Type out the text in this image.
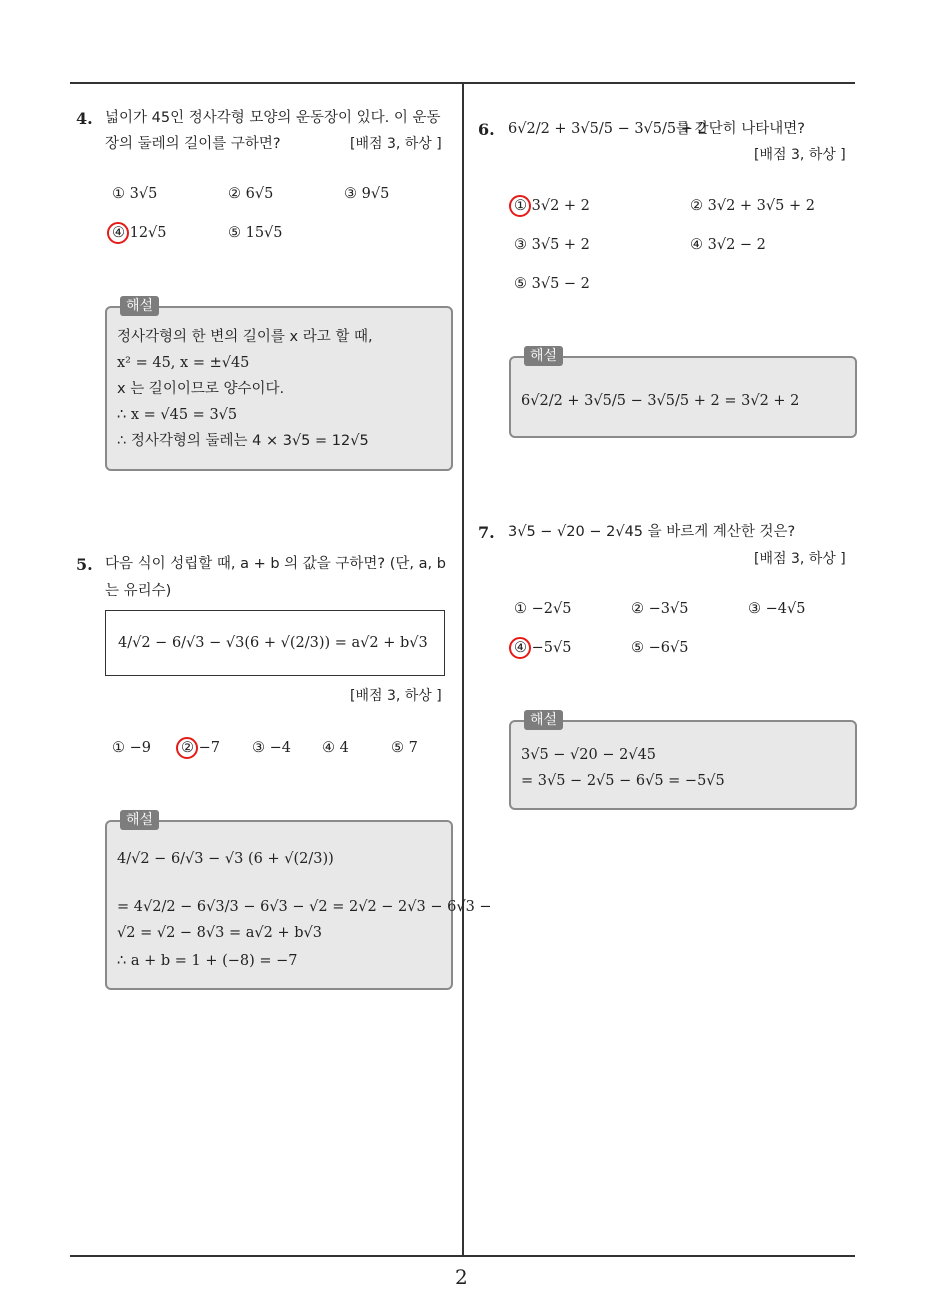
2
4. 넓이가 45인 정사각형 모양의 운동장이 있다. 이 운동
장의 둘레의 길이를 구하면?	[배점 3, 하상 ]
① 3√5	② 6√5	③ 9√5
④ 12√5	⑤ 15√5
해설
정사각형의 한 변의 길이를 x 라고 할 때,
x² = 45, x = ±√45
x 는 길이이므로 양수이다.
∴ x = √45 = 3√5
∴ 정사각형의 둘레는 4 × 3√5 = 12√5
5. 다음 식이 성립할 때, a + b 의 값을 구하면? (단, a, b
는 유리수)
4/√2 − 6/√3 − √3(6 + √(2/3)) = a√2 + b√3
[배점 3, 하상 ]
① −9 ② −7 ③ −4 ④ 4	⑤ 7
해설
4/√2 − 6/√3 − √3 (6 + √(2/3))
= 4√2/2 − 6√3/3 − 6√3 − √2 = 2√2 − 2√3 − 6√3 −
√2 = √2 − 8√3 = a√2 + b√3
∴ a + b = 1 + (−8) = −7
6. 6√2/2 + 3√5/5 − 3√5/5 + 2
를 간단히 나타내면?
[배점 3, 하상 ]
① 3√2 + 2	② 3√2 + 3√5 + 2
③ 3√5 + 2	④ 3√2 − 2
⑤ 3√5 − 2
해설
6√2/2 + 3√5/5 − 3√5/5 + 2 = 3√2 + 2
7. 3√5 − √20 − 2√45 을 바르게 계산한 것은?
[배점 3, 하상 ]
① −2√5	② −3√5	③ −4√5
④ −5√5	⑤ −6√5
해설
3√5 − √20 − 2√45
= 3√5 − 2√5 − 6√5 = −5√5
